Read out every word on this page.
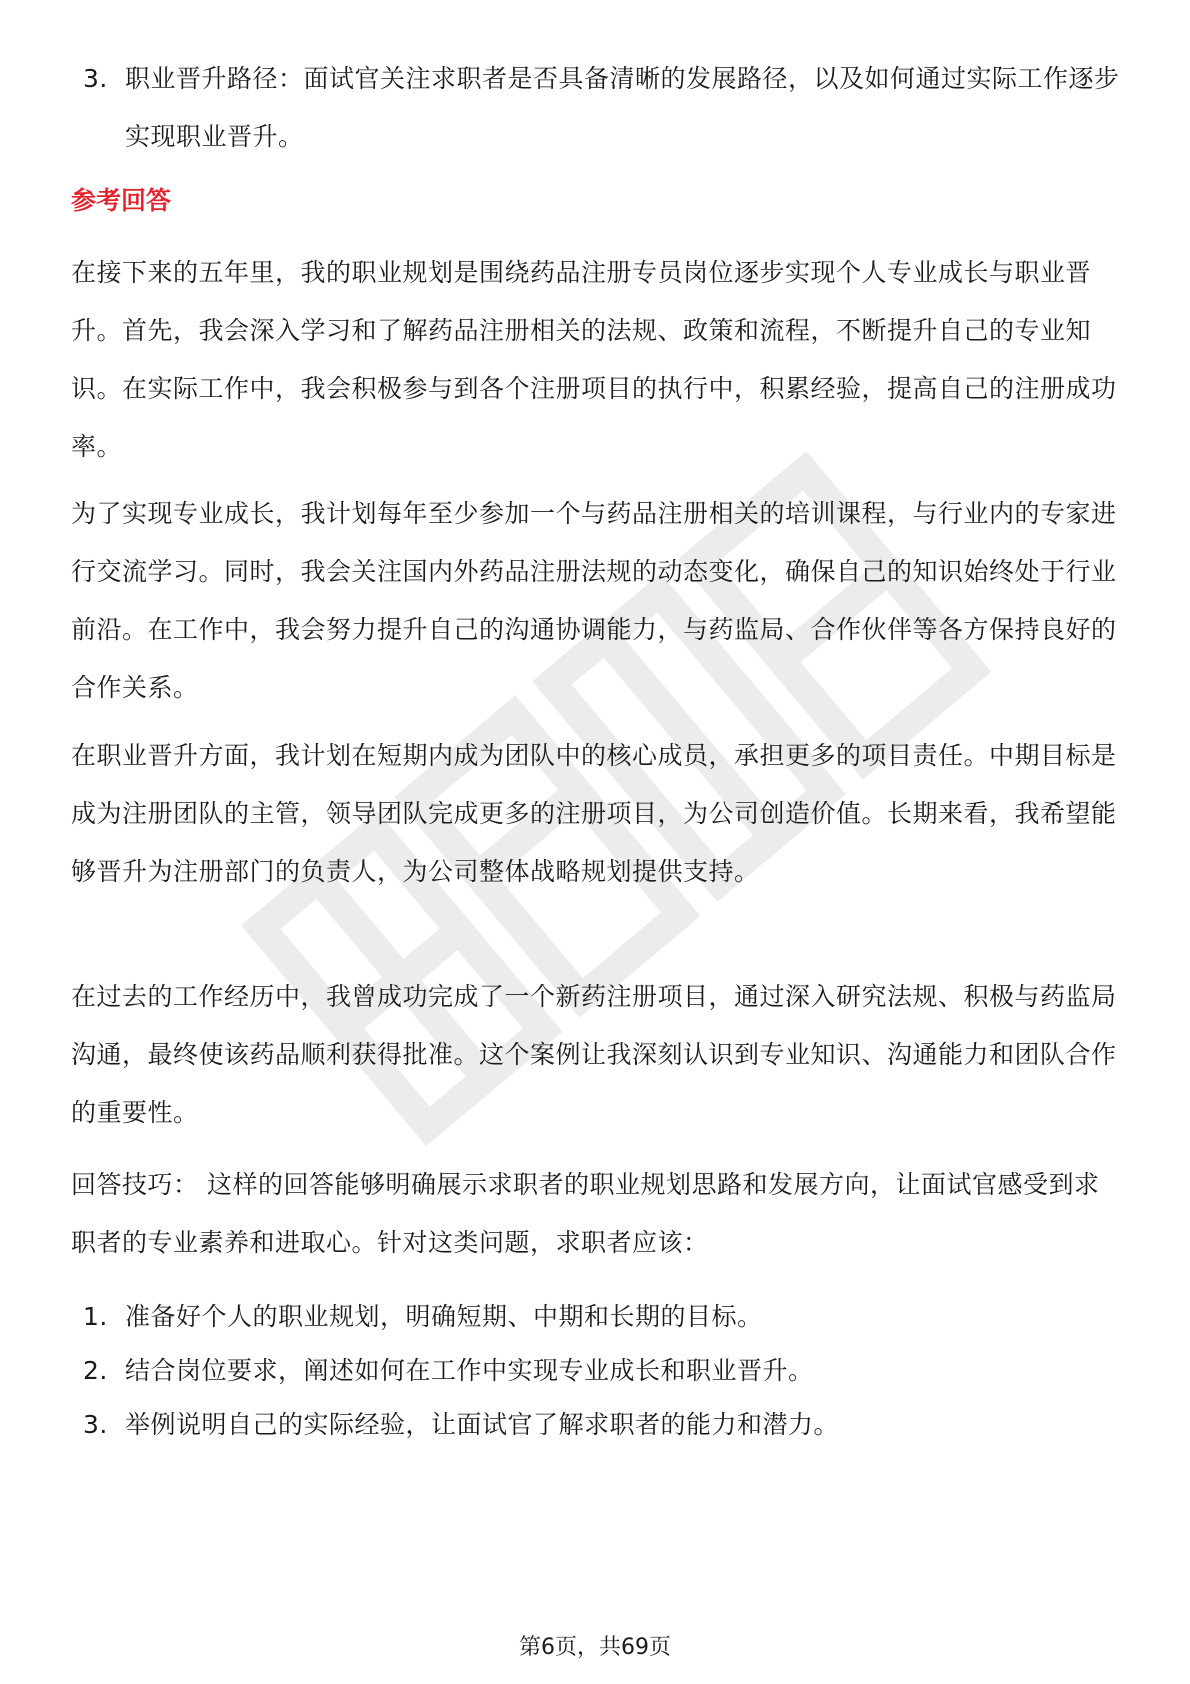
3. 职业晋升路径：面试官关注求职者是否具备清晰的发展路径，以及如何通过实际工作逐步实现职业晋升。
参考回答
在接下来的五年里，我的职业规划是围绕药品注册专员岗位逐步实现个人专业成长与职业晋升。首先，我会深入学习和了解药品注册相关的法规、政策和流程，不断提升自己的专业知识。在实际工作中，我会积极参与到各个注册项目的执行中，积累经验，提高自己的注册成功率。
为了实现专业成长，我计划每年至少参加一个与药品注册相关的培训课程，与行业内的专家进行交流学习。同时，我会关注国内外药品注册法规的动态变化，确保自己的知识始终处于行业前沿。在工作中，我会努力提升自己的沟通协调能力，与药监局、合作伙伴等各方保持良好的合作关系。
在职业晋升方面，我计划在短期内成为团队中的核心成员，承担更多的项目责任。中期目标是成为注册团队的主管，领导团队完成更多的注册项目，为公司创造价值。长期来看，我希望能够晋升为注册部门的负责人，为公司整体战略规划提供支持。
在过去的工作经历中，我曾成功完成了一个新药注册项目，通过深入研究法规、积极与药监局沟通，最终使该药品顺利获得批准。这个案例让我深刻认识到专业知识、沟通能力和团队合作的重要性。
回答技巧： 这样的回答能够明确展示求职者的职业规划思路和发展方向，让面试官感受到求职者的专业素养和进取心。针对这类问题，求职者应该：
1. 准备好个人的职业规划，明确短期、中期和长期的目标。
2. 结合岗位要求，阐述如何在工作中实现专业成长和职业晋升。
3. 举例说明自己的实际经验，让面试官了解求职者的能力和潜力。
第6页，共69页
